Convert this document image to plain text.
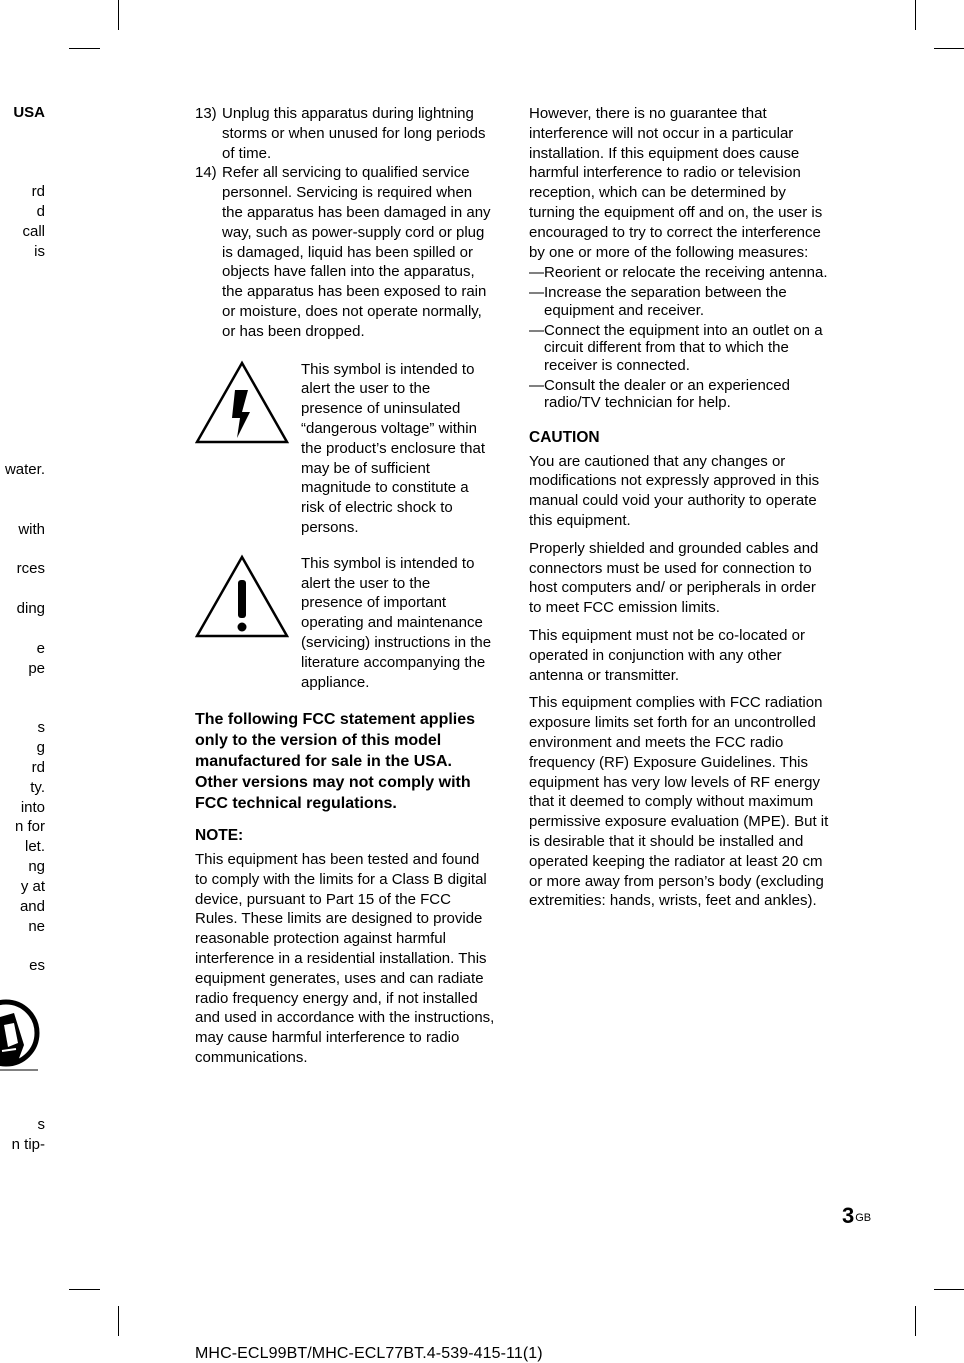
USA
rd
d
call
is
water.
with
rces
ding
e
pe
s
g
rd
ty.
into
n for
let.
ng
y at
and
ne
es
s
n tip-
13) Unplug this apparatus during lightning storms or when unused for long periods of time.
14) Refer all servicing to qualified service personnel. Servicing is required when the apparatus has been damaged in any way, such as power-supply cord or plug is damaged, liquid has been spilled or objects have fallen into the apparatus, the apparatus has been exposed to rain or moisture, does not operate normally, or has been dropped.

This symbol is intended to alert the user to the presence of uninsulated “dangerous voltage” within the product’s enclosure that may be of sufficient magnitude to constitute a risk of electric shock to persons.

This symbol is intended to alert the user to the presence of important operating and maintenance (servicing) instructions in the literature accompanying the appliance.

The following FCC statement applies only to the version of this model manufactured for sale in the USA. Other versions may not comply with FCC technical regulations.

NOTE:

This equipment has been tested and found to comply with the limits for a Class B digital device, pursuant to Part 15 of the FCC Rules. These limits are designed to provide reasonable protection against harmful interference in a residential installation. This equipment generates, uses and can radiate radio frequency energy and, if not installed and used in accordance with the instructions, may cause harmful interference to radio communications.

However, there is no guarantee that interference will not occur in a particular installation. If this equipment does cause harmful interference to radio or television reception, which can be determined by turning the equipment off and on, the user is encouraged to try to correct the interference by one or more of the following measures:

— Reorient or relocate the receiving antenna.
— Increase the separation between the equipment and receiver.
— Connect the equipment into an outlet on a circuit different from that to which the receiver is connected.
— Consult the dealer or an experienced radio/TV technician for help.

CAUTION

You are cautioned that any changes or modifications not expressly approved in this manual could void your authority to operate this equipment.

Properly shielded and grounded cables and connectors must be used for connection to host computers and/ or peripherals in order to meet FCC emission limits.

This equipment must not be co-located or operated in conjunction with any other antenna or transmitter.

This equipment complies with FCC radiation exposure limits set forth for an uncontrolled environment and meets the FCC radio frequency (RF) Exposure Guidelines. This equipment has very low levels of RF energy that it deemed to comply without maximum permissive exposure evaluation (MPE). But it is desirable that it should be installed and operated keeping the radiator at least 20 cm or more away from person’s body (excluding extremities: hands, wrists, feet and ankles).

$3^{GB}$
MHC-ECL99BT/MHC-ECL77BT.4-539-415-11(1)
